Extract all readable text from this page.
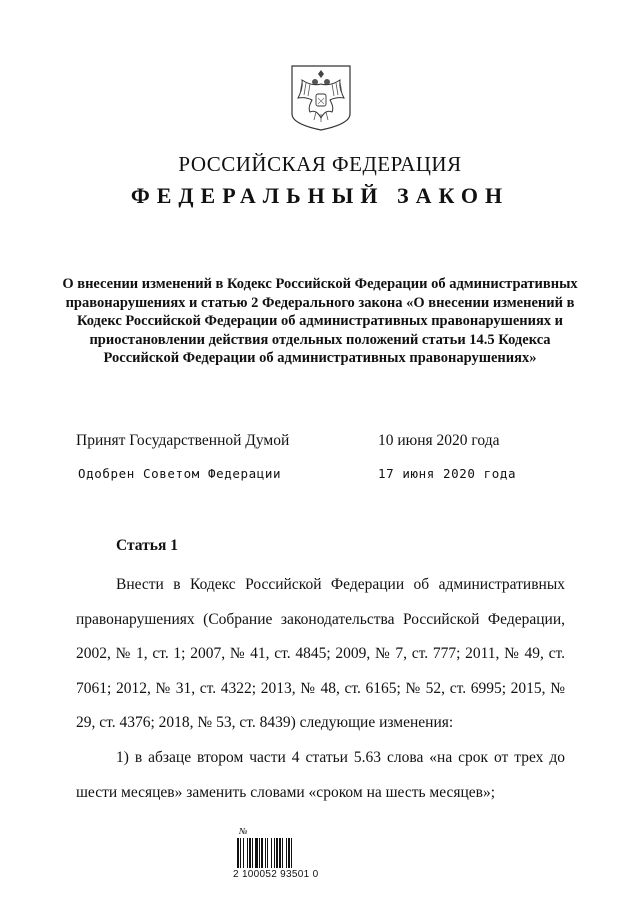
РОССИЙСКАЯ ФЕДЕРАЦИЯ
ФЕДЕРАЛЬНЫЙ ЗАКОН
О внесении изменений в Кодекс Российской Федерации об административных правонарушениях и статью 2 Федерального закона «О внесении изменений в Кодекс Российской Федерации об административных правонарушениях и приостановлении действия отдельных положений статьи 14.5 Кодекса Российской Федерации об административных правонарушениях»
Принят Государственной Думой	10 июня 2020 года
Одобрен Советом Федерации	17 июня 2020 года
Статья 1

Внести в Кодекс Российской Федерации об административных правонарушениях (Собрание законодательства Российской Федерации, 2002, № 1, ст. 1; 2007, № 41, ст. 4845; 2009, № 7, ст. 777; 2011, № 49, ст. 7061; 2012, № 31, ст. 4322; 2013, № 48, ст. 6165; № 52, ст. 6995; 2015, № 29, ст. 4376; 2018, № 53, ст. 8439) следующие изменения:

1) в абзаце втором части 4 статьи 5.63 слова «на срок от трех до шести месяцев» заменить словами «сроком на шесть месяцев»;
№
2 100052 93501 0
